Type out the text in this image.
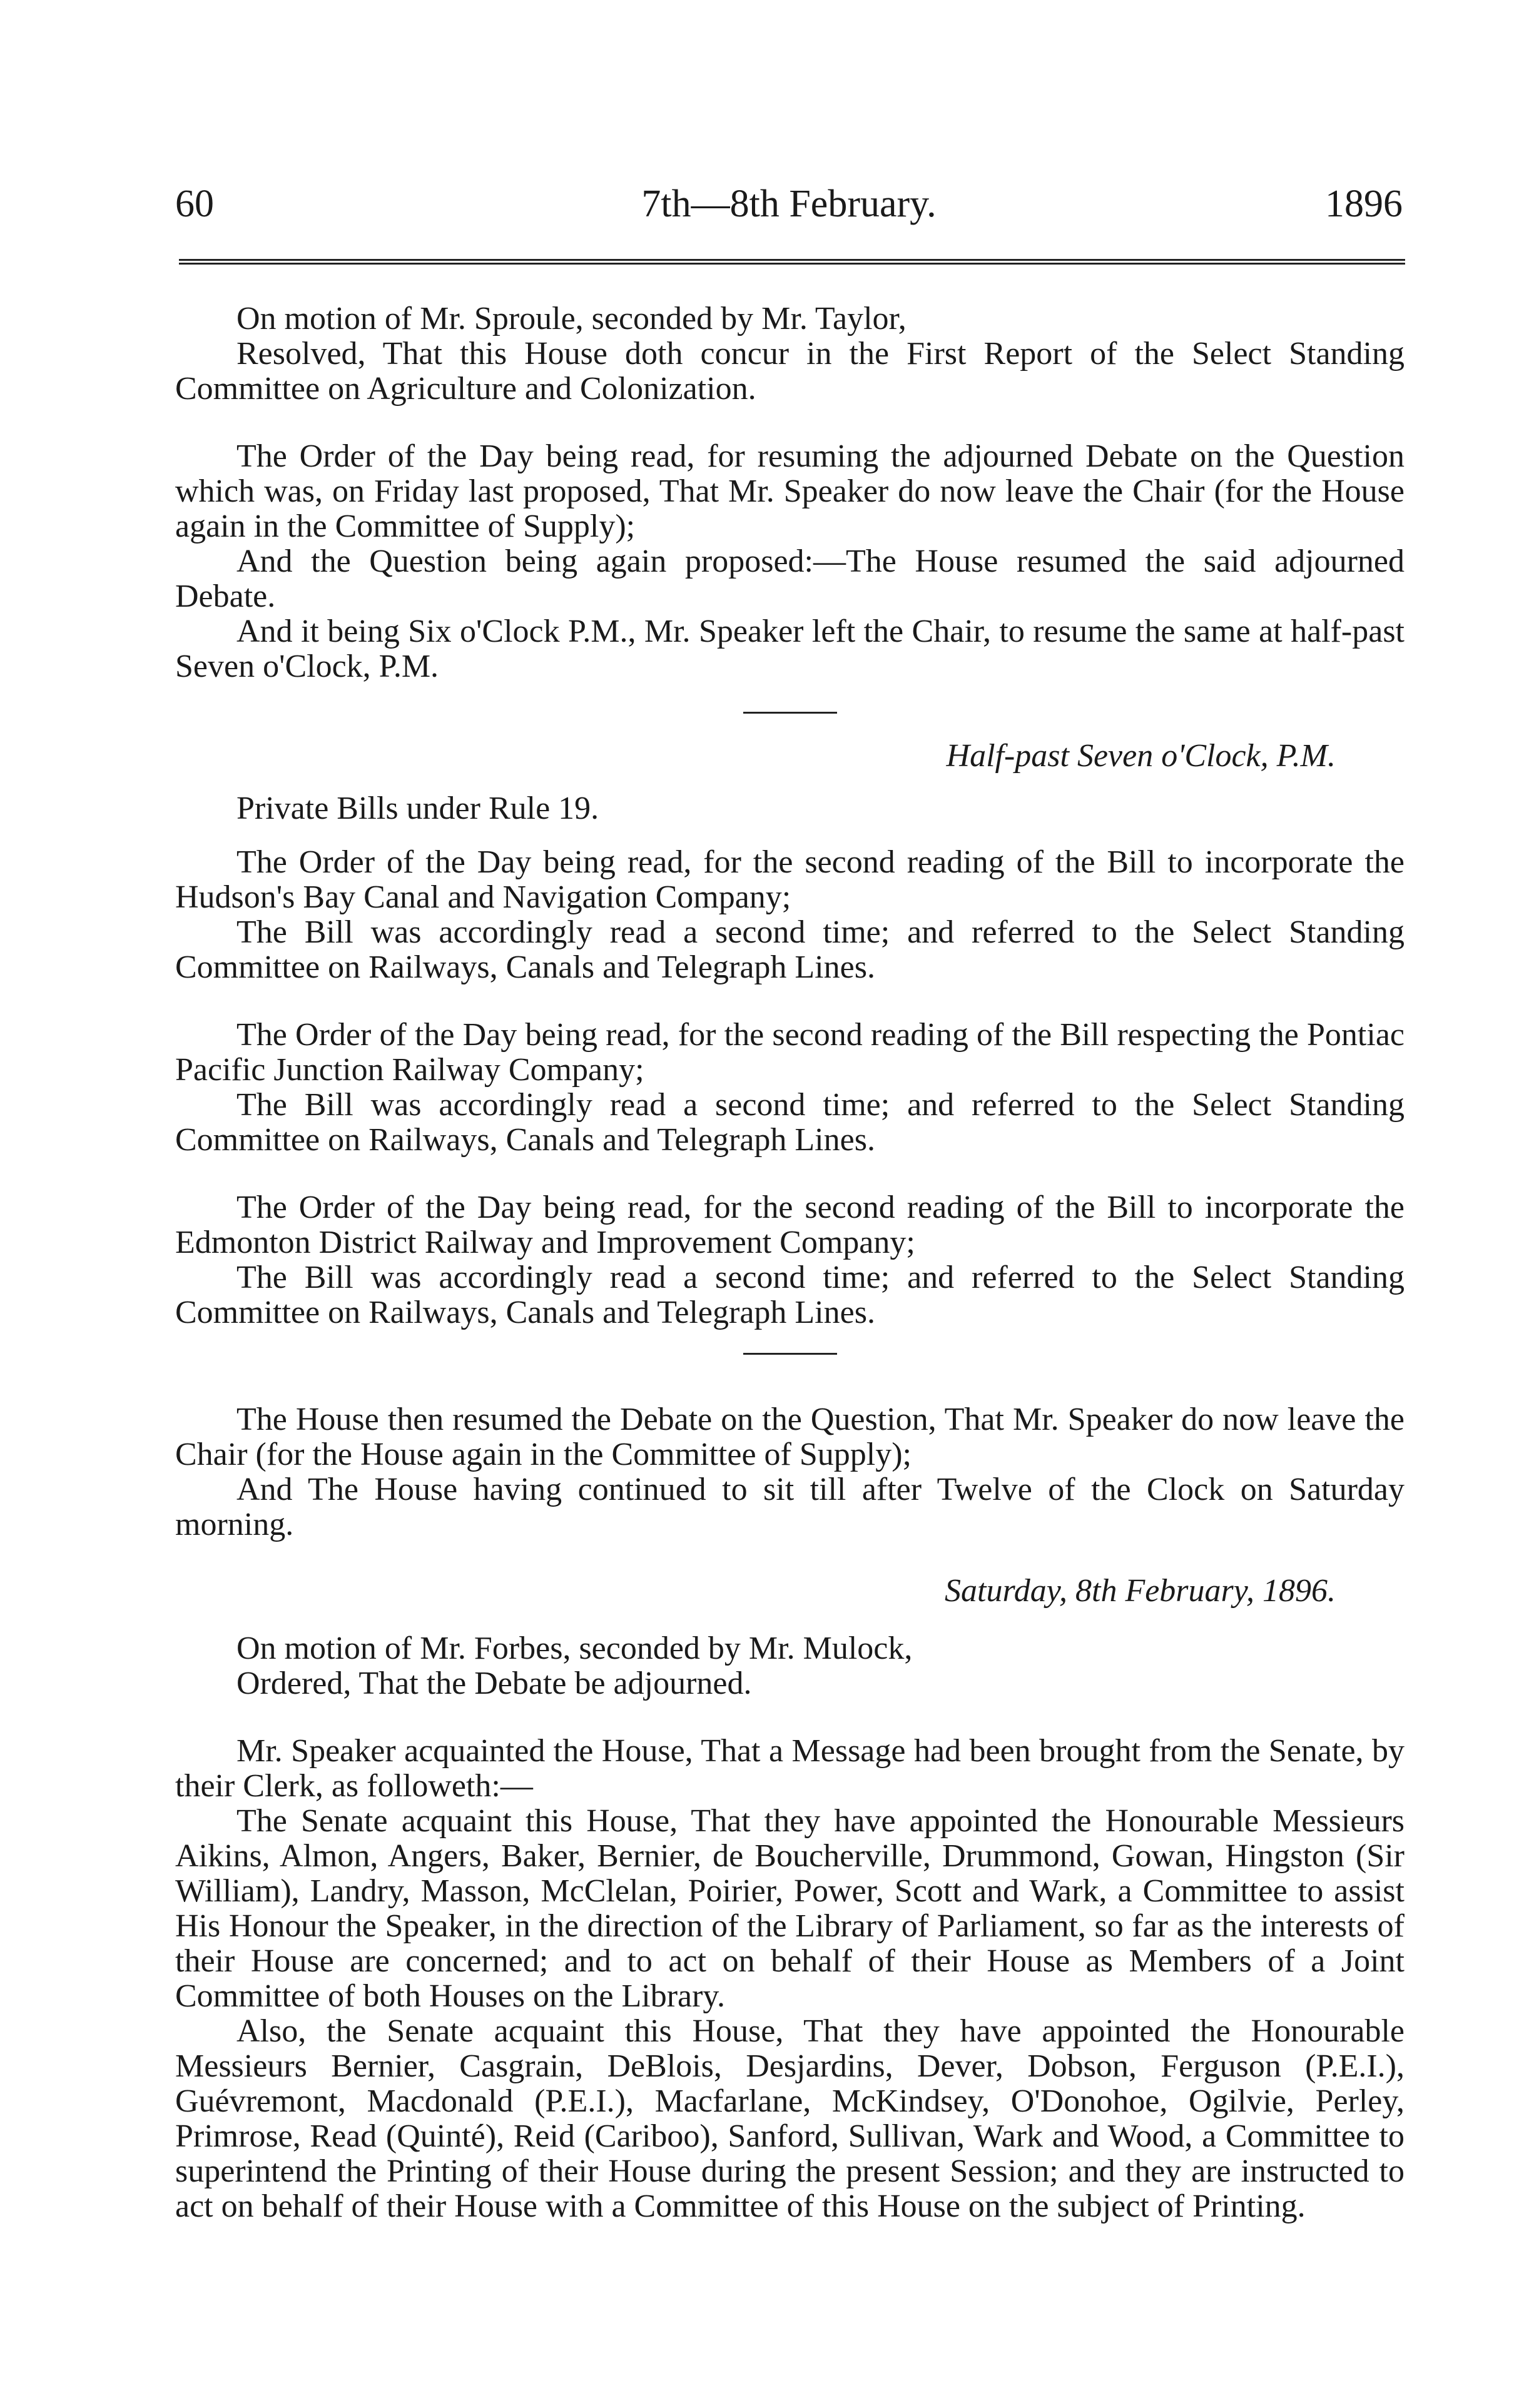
60	7th—8th February.	1896

On motion of Mr. Sproule, seconded by Mr. Taylor,

Resolved, That this House doth concur in the First Report of the Select Standing Committee on Agriculture and Colonization.

The Order of the Day being read, for resuming the adjourned Debate on the Question which was, on Friday last proposed, That Mr. Speaker do now leave the Chair (for the House again in the Committee of Supply);

And the Question being again proposed:—The House resumed the said adjourned Debate.

And it being Six o'Clock P.M., Mr. Speaker left the Chair, to resume the same at half-past Seven o'Clock, P.M.

Half-past Seven o'Clock, P.M.

Private Bills under Rule 19.

The Order of the Day being read, for the second reading of the Bill to incorporate the Hudson's Bay Canal and Navigation Company;

The Bill was accordingly read a second time; and referred to the Select Standing Committee on Railways, Canals and Telegraph Lines.

The Order of the Day being read, for the second reading of the Bill respecting the Pontiac Pacific Junction Railway Company;

The Bill was accordingly read a second time; and referred to the Select Standing Committee on Railways, Canals and Telegraph Lines.

The Order of the Day being read, for the second reading of the Bill to incorporate the Edmonton District Railway and Improvement Company;

The Bill was accordingly read a second time; and referred to the Select Standing Committee on Railways, Canals and Telegraph Lines.

The House then resumed the Debate on the Question, That Mr. Speaker do now leave the Chair (for the House again in the Committee of Supply);

And The House having continued to sit till after Twelve of the Clock on Saturday morning.

Saturday, 8th February, 1896.

On motion of Mr. Forbes, seconded by Mr. Mulock,

Ordered, That the Debate be adjourned.

Mr. Speaker acquainted the House, That a Message had been brought from the Senate, by their Clerk, as followeth:—

The Senate acquaint this House, That they have appointed the Honourable Messieurs Aikins, Almon, Angers, Baker, Bernier, de Boucherville, Drummond, Gowan, Hingston (Sir William), Landry, Masson, McClelan, Poirier, Power, Scott and Wark, a Committee to assist His Honour the Speaker, in the direction of the Library of Parliament, so far as the interests of their House are concerned; and to act on behalf of their House as Members of a Joint Committee of both Houses on the Library.

Also, the Senate acquaint this House, That they have appointed the Honourable Messieurs Bernier, Casgrain, DeBlois, Desjardins, Dever, Dobson, Ferguson (P.E.I.), Guévremont, Macdonald (P.E.I.), Macfarlane, McKindsey, O'Donohoe, Ogilvie, Perley, Primrose, Read (Quinté), Reid (Cariboo), Sanford, Sullivan, Wark and Wood, a Committee to superintend the Printing of their House during the present Session; and they are instructed to act on behalf of their House with a Committee of this House on the subject of Printing.
